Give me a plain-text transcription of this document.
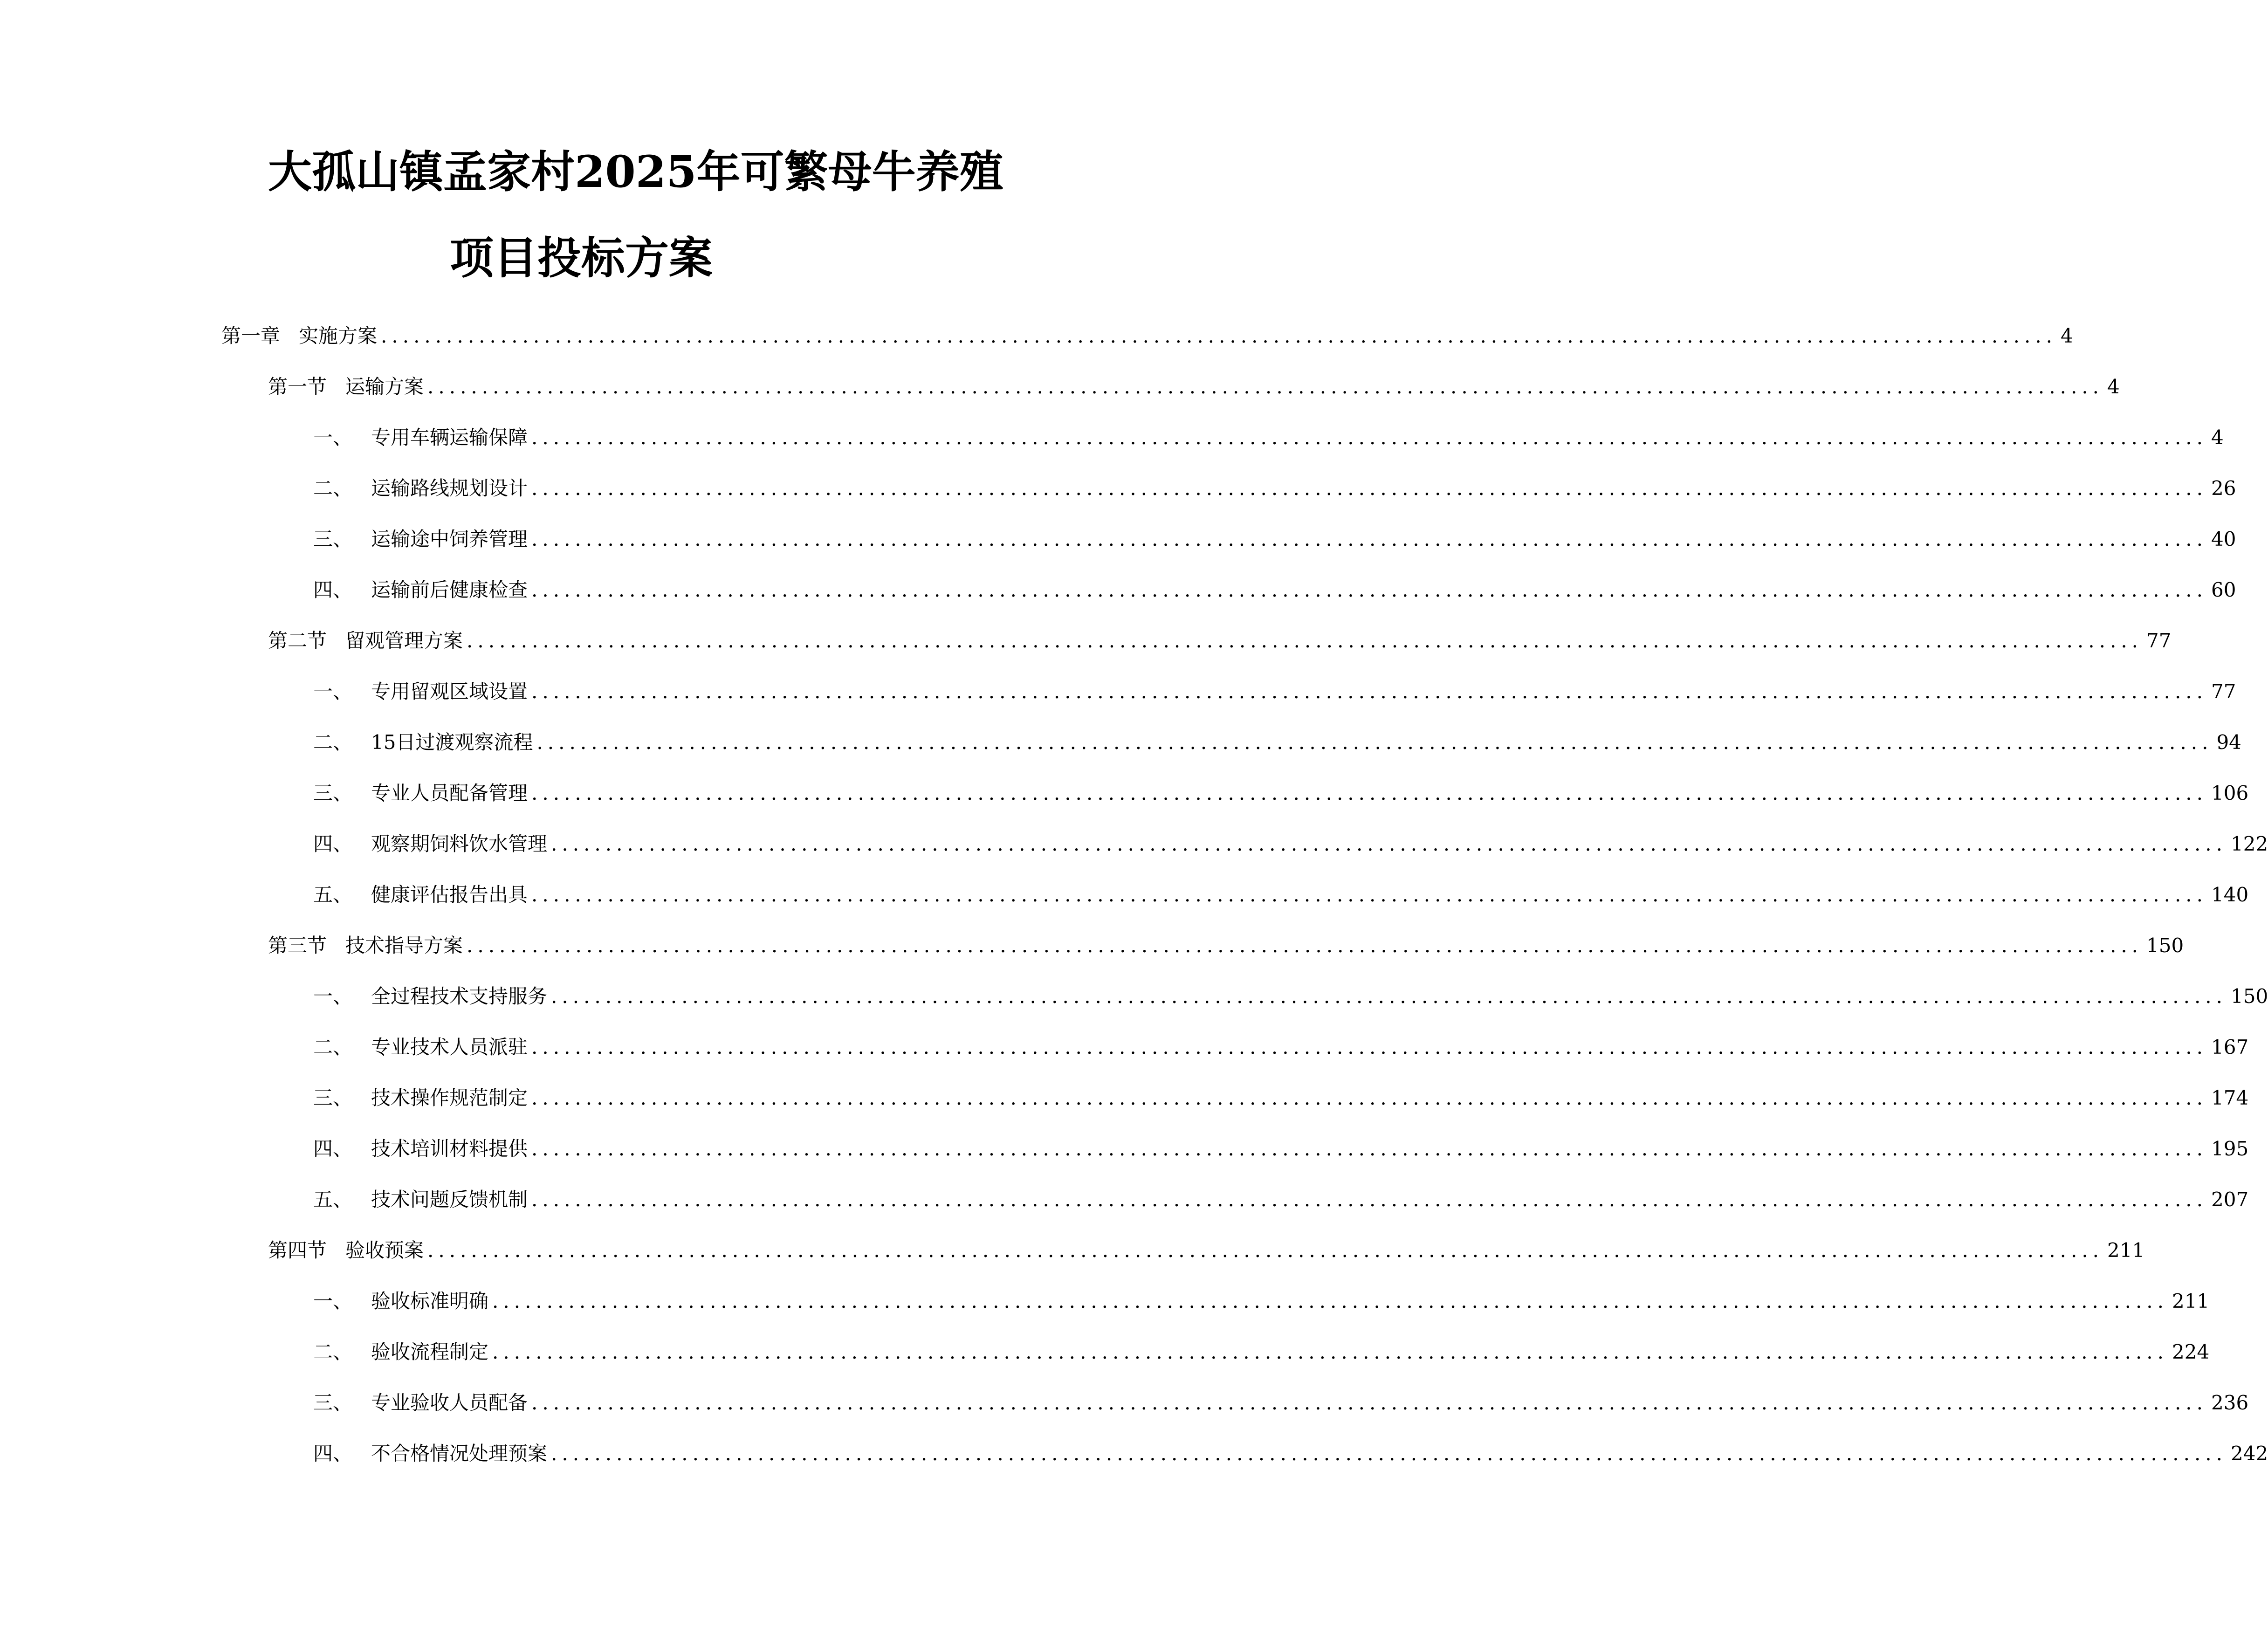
大孤山镇孟家村2025年可繁母牛养殖
项目投标方案
第一章 实施方案 .......................................................................................................................................................... 4
第一节 运输方案 .......................................................................................................................................................... 4
一、 专用车辆运输保障 .......................................................................................................................................................... 4
二、 运输路线规划设计 .......................................................................................................................................................... 26
三、 运输途中饲养管理 .......................................................................................................................................................... 40
四、 运输前后健康检查 .......................................................................................................................................................... 60
第二节 留观管理方案 .......................................................................................................................................................... 77
一、 专用留观区域设置 .......................................................................................................................................................... 77
二、 15日过渡观察流程 .......................................................................................................................................................... 94
三、 专业人员配备管理 .......................................................................................................................................................... 106
四、 观察期饲料饮水管理 .......................................................................................................................................................... 122
五、 健康评估报告出具 .......................................................................................................................................................... 140
第三节 技术指导方案 .......................................................................................................................................................... 150
一、 全过程技术支持服务 .......................................................................................................................................................... 150
二、 专业技术人员派驻 .......................................................................................................................................................... 167
三、 技术操作规范制定 .......................................................................................................................................................... 174
四、 技术培训材料提供 .......................................................................................................................................................... 195
五、 技术问题反馈机制 .......................................................................................................................................................... 207
第四节 验收预案 .......................................................................................................................................................... 211
一、 验收标准明确 .......................................................................................................................................................... 211
二、 验收流程制定 .......................................................................................................................................................... 224
三、 专业验收人员配备 .......................................................................................................................................................... 236
四、 不合格情况处理预案 .......................................................................................................................................................... 242
